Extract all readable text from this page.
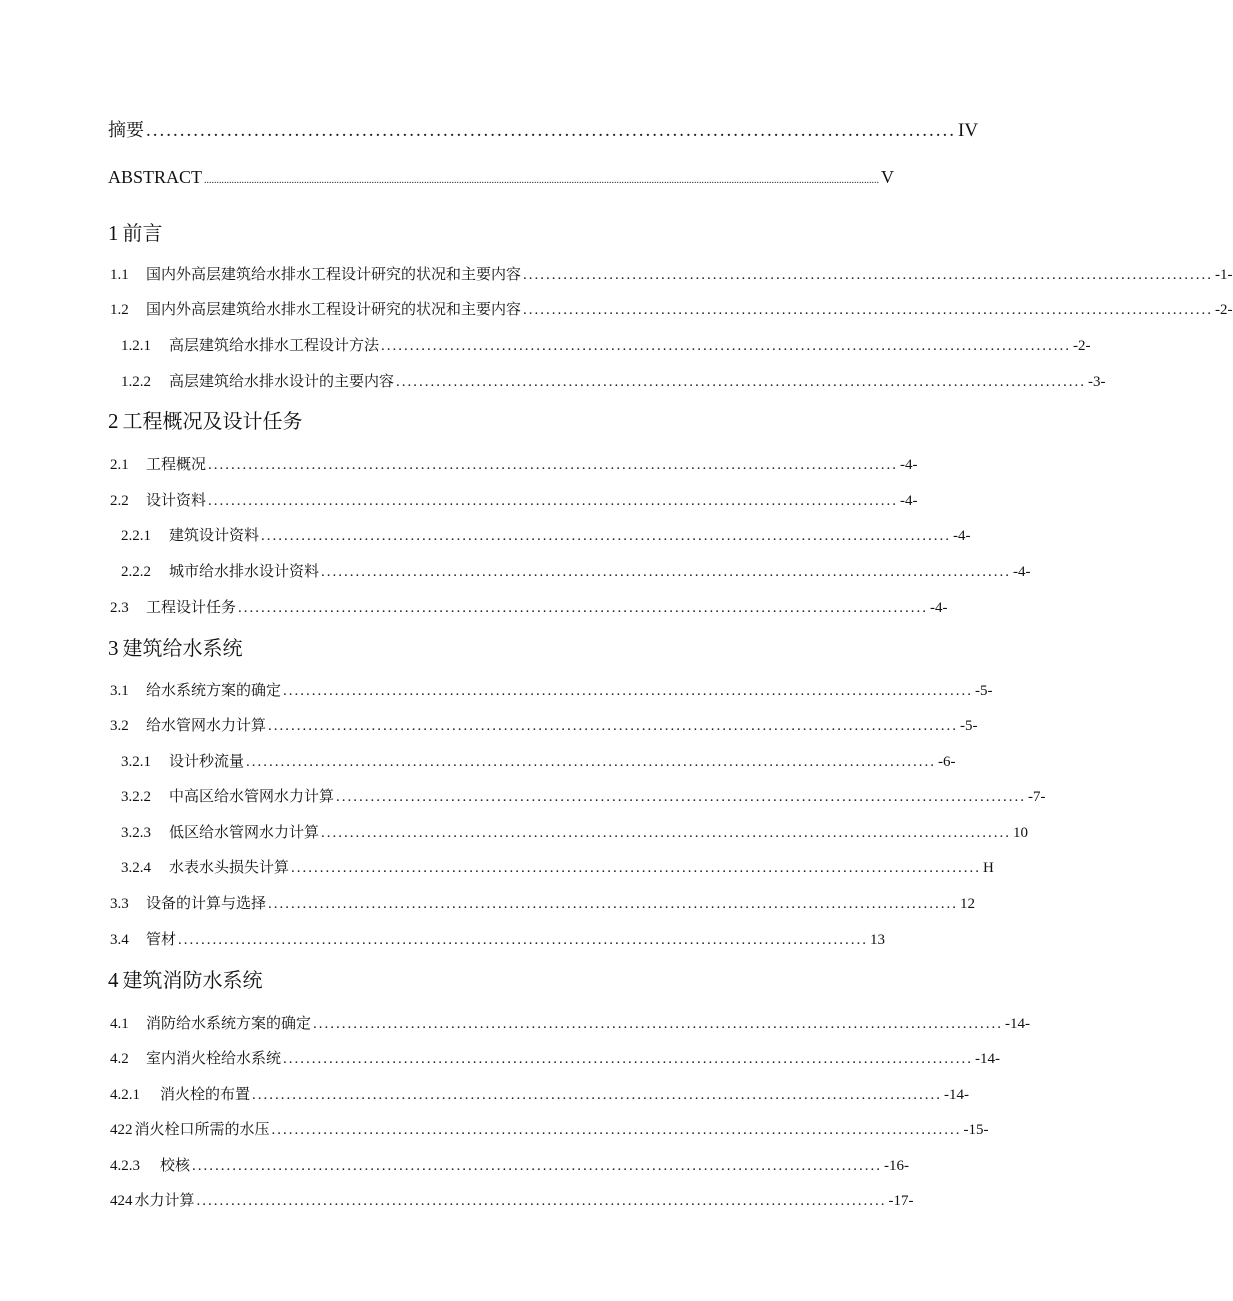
摘要 ........................................................................................................................ IV
ABSTRACT .............................................................................................................................................................................................................................................................................. V
1 前言
1.1	国内外高层建筑给水排水工程设计研究的状况和主要内容 ........................................................................................................................ -1-
1.2	国内外高层建筑给水排水工程设计研究的状况和主要内容 ........................................................................................................................ -2-
1.2.1	高层建筑给水排水工程设计方法 ........................................................................................................................ -2-
1.2.2	高层建筑给水排水设计的主要内容 ........................................................................................................................ -3-
2 工程概况及设计任务
2.1	工程概况 ........................................................................................................................ -4-
2.2	设计资料 ........................................................................................................................ -4-
2.2.1	建筑设计资料 ........................................................................................................................ -4-
2.2.2	城市给水排水设计资料 ........................................................................................................................ -4-
2.3	工程设计任务 ........................................................................................................................ -4-
3 建筑给水系统
3.1	给水系统方案的确定 ........................................................................................................................ -5-
3.2	给水管网水力计算 ........................................................................................................................ -5-
3.2.1	设计秒流量 ........................................................................................................................ -6-
3.2.2	中高区给水管网水力计算 ........................................................................................................................ -7-
3.2.3	低区给水管网水力计算 ........................................................................................................................ 10
3.2.4	水表水头损失计算 ........................................................................................................................ H
3.3	设备的计算与选择 ........................................................................................................................ 12
3.4	管材 ........................................................................................................................ 13
4 建筑消防水系统
4.1	消防给水系统方案的确定 ........................................................................................................................ -14-
4.2	室内消火栓给水系统 ........................................................................................................................ -14-
4.2.1	消火栓的布置 ........................................................................................................................ -14-
422 消火栓口所需的水压 ........................................................................................................................ -15-
4.2.3	校核 ........................................................................................................................ -16-
424 水力计算 ........................................................................................................................ -17-
